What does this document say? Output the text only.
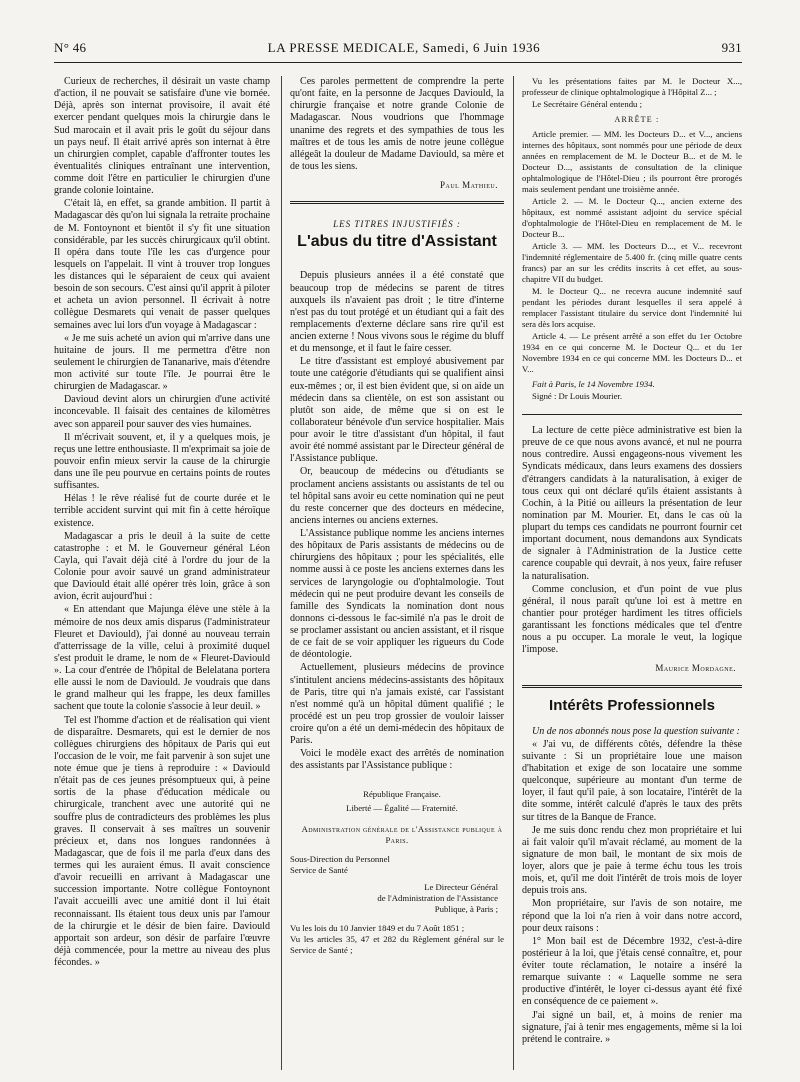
N° 46	LA PRESSE MEDICALE, Samedi, 6 Juin 1936	931

Curieux de recherches, il désirait un vaste champ d'action, il ne pouvait se satisfaire d'une vie bornée. Déjà, après son internat provisoire, il avait été exercer pendant quelques mois la chirurgie dans le Sud marocain et il avait pris le goût du séjour dans un pays neuf. Il était arrivé après son internat à être un chirurgien complet, capable d'affronter toutes les éventualités cliniques entraînant une intervention, comme doit l'être en particulier le chirurgien d'une grande colonie lointaine.

C'était là, en effet, sa grande ambition. Il partit à Madagascar dès qu'on lui signala la retraite prochaine de M. Fontoynont et bientôt il s'y fit une situation considérable, par les succès chirurgicaux qu'il obtint. Il opéra dans toute l'île les cas d'urgence pour lesquels on l'appelait. Il vint à trouver trop longues les distances qui le séparaient de ceux qui avaient besoin de son secours. C'est ainsi qu'il apprit à piloter et acheta un avion personnel. Il écrivait à notre collègue Desmarets qui venait de passer quelques semaines avec lui lors d'un voyage à Madagascar :

« Je me suis acheté un avion qui m'arrive dans une huitaine de jours. Il me permettra d'être non seulement le chirurgien de Tananarive, mais d'étendre mon activité sur toute l'île. Je pourrai être le chirurgien de Madagascar. »

Davioud devint alors un chirurgien d'une activité inconcevable. Il faisait des centaines de kilomètres avec son appareil pour sauver des vies humaines.

Il m'écrivait souvent, et, il y a quelques mois, je reçus une lettre enthousiaste. Il m'exprimait sa joie de pouvoir enfin mieux servir la cause de la chirurgie dans une île peu pourvue en certains points de routes suffisantes.

Hélas ! le rêve réalisé fut de courte durée et le terrible accident survint qui mit fin à cette héroïque existence.

Madagascar a pris le deuil à la suite de cette catastrophe : et M. le Gouverneur général Léon Cayla, qui l'avait déjà cité à l'ordre du jour de la Colonie pour avoir sauvé un grand administrateur que Daviould était allé opérer très loin, grâce à son avion, écrit aujourd'hui :

« En attendant que Majunga élève une stèle à la mémoire de nos deux amis disparus (l'administrateur Fleuret et Daviould), j'ai donné au nouveau terrain d'atterrissage de la ville, celui à proximité duquel s'est produit le drame, le nom de « Fleuret-Daviould ». La cour d'entrée de l'hôpital de Belelatana portera elle aussi le nom de Daviould. Je voudrais que dans le grand malheur qui les frappe, les deux familles sachent que toute la colonie s'associe à leur deuil. »

Tel est l'homme d'action et de réalisation qui vient de disparaître. Desmarets, qui est le dernier de nos collègues chirurgiens des hôpitaux de Paris qui eut l'occasion de le voir, me fait parvenir à son sujet une note émue que je tiens à reproduire : « Daviould n'était pas de ces jeunes présomptueux qui, à peine sortis de la phase d'éducation médicale ou chirurgicale, tranchent avec une autorité qui ne souffre plus de contradicteurs des problèmes les plus graves. Il conservait à ses maîtres un souvenir précieux et, dans nos longues randonnées à Madagascar, que de fois il me parla d'eux dans des termes qui les auraient émus. Il avait conscience d'avoir recueilli en arrivant à Madagascar une succession importante. Notre collègue Fontoynont l'avait accueilli avec une amitié dont il lui était reconnaissant. Ils étaient tous deux unis par l'amour de la chirurgie et le désir de bien faire. Daviould apportait son ardeur, son désir de parfaire l'œuvre déjà commencée, pour la mettre au niveau des plus fécondes. »

Ces paroles permettent de comprendre la perte qu'ont faite, en la personne de Jacques Daviould, la chirurgie française et notre grande Colonie de Madagascar. Nous voudrions que l'hommage unanime des regrets et des sympathies de tous les maîtres et de tous les amis de notre jeune collègue allégeât la douleur de Madame Daviould, sa mère et de tous les siens.

Paul Mathieu.
LES TITRES INJUSTIFIÉS :
L'abus du titre d'Assistant

Depuis plusieurs années il a été constaté que beaucoup trop de médecins se parent de titres auxquels ils n'avaient pas droit ; le titre d'interne n'est pas du tout protégé et un étudiant qui a fait des remplacements d'externe déclare sans rire qu'il est ancien externe ! Nous vivons sous le régime du bluff et du mensonge, et il faut le faire cesser.

Le titre d'assistant est employé abusivement par toute une catégorie d'étudiants qui se qualifient ainsi eux-mêmes ; or, il est bien évident que, si on aide un médecin dans sa clientèle, on est son assistant ou plutôt son aide, de même que si on est le collaborateur bénévole d'un service hospitalier. Mais pour avoir le titre d'assistant d'un hôpital, il faut avoir été nommé assistant par le Directeur général de l'Assistance publique.

Or, beaucoup de médecins ou d'étudiants se proclament anciens assistants ou assistants de tel ou tel hôpital sans avoir eu cette nomination qui ne peut du reste concerner que des docteurs en médecine, anciens internes ou anciens externes.

L'Assistance publique nomme les anciens internes des hôpitaux de Paris assistants de médecins ou de chirurgiens des hôpitaux ; pour les spécialités, elle nomme aussi à ce poste les anciens externes dans les services de laryngologie ou d'ophtalmologie. Tout médecin qui ne peut produire devant les conseils de famille des Syndicats la nomination dont nous donnons ci-dessous le fac-similé n'a pas le droit de se proclamer assistant ou ancien assistant, et il risque de ce fait de se voir appliquer les rigueurs du Code de déontologie.

Actuellement, plusieurs médecins de province s'intitulent anciens médecins-assistants des hôpitaux de Paris, titre qui n'a jamais existé, car l'assistant n'est nommé qu'à un hôpital dûment qualifié ; le procédé est un peu trop grossier de vouloir laisser croire qu'on a été un demi-médecin des hôpitaux de Paris.

Voici le modèle exact des arrêtés de nomination des assistants par l'Assistance publique :

République Française.

Liberté — Égalité — Fraternité.

Administration générale de l'Assistance publique à Paris.

Sous-Direction du Personnel
Service de Santé

Le Directeur Général
de l'Administration de l'Assistance
Publique, à Paris ;

Vu les lois du 10 Janvier 1849 et du 7 Août 1851 ;
Vu les articles 35, 47 et 282 du Règlement général sur le Service de Santé ;

Vu les présentations faites par M. le Docteur X..., professeur de clinique ophtalmologique à l'Hôpital Z... ;

Le Secrétaire Général entendu ;

ARRÊTE :

Article premier. — MM. les Docteurs D... et V..., anciens internes des hôpitaux, sont nommés pour une période de deux années en remplacement de M. le Docteur B... et de M. le Docteur D..., assistants de consultation de la clinique ophtalmologique de l'Hôtel-Dieu ; ils pourront être prorogés mais seulement pendant une troisième année.

Article 2. — M. le Docteur Q..., ancien externe des hôpitaux, est nommé assistant adjoint du service spécial d'ophtalmologie de l'Hôtel-Dieu en remplacement de M. le Docteur B...

Article 3. — MM. les Docteurs D..., et V... recevront l'indemnité réglementaire de 5.400 fr. (cinq mille quatre cents francs) par an sur les crédits inscrits à cet effet, au sous-chapitre VII du budget.

M. le Docteur Q... ne recevra aucune indemnité sauf pendant les périodes durant lesquelles il sera appelé à remplacer l'assistant titulaire du service dont l'indemnité lui sera dès lors acquise.

Article 4. — Le présent arrêté a son effet du 1er Octobre 1934 en ce qui concerne M. le Docteur Q... et du 1er Novembre 1934 en ce qui concerne MM. les Docteurs D... et V...

Fait à Paris, le 14 Novembre 1934.

Signé : Dr Louis Mourier.

La lecture de cette pièce administrative est bien la preuve de ce que nous avons avancé, et nul ne pourra nous contredire. Aussi engageons-nous vivement les Syndicats médicaux, dans leurs examens des dossiers d'étrangers candidats à la naturalisation, à exiger de tous ceux qui ont déclaré qu'ils étaient assistants à Cochin, à la Pitié ou ailleurs la présentation de leur nomination par M. Mourier. Et, dans le cas où la plupart du temps ces candidats ne pourront fournir cet important document, nous demandons aux Syndicats de signaler à l'Administration de la Justice cette carence coupable qui devrait, à nos yeux, faire refuser la naturalisation.

Comme conclusion, et d'un point de vue plus général, il nous paraît qu'une loi est à mettre en chantier pour protéger hardiment les titres officiels garantissant les fonctions médicales que tel d'entre nous a pu occuper. La morale le veut, la logique l'impose.

Maurice Mordagne.
Intérêts Professionnels

Un de nos abonnés nous pose la question suivante :

« J'ai vu, de différents côtés, défendre la thèse suivante : Si un propriétaire loue une maison d'habitation et exige de son locataire une somme quelconque, supérieure au montant d'un terme de loyer, il faut qu'il paie, à son locataire, l'intérêt de la dite somme, intérêt calculé d'après le taux des prêts sur titres de la Banque de France.

Je me suis donc rendu chez mon propriétaire et lui ai fait valoir qu'il m'avait réclamé, au moment de la signature de mon bail, le montant de six mois de loyer, alors que je paie à terme échu tous les trois mois, et, qu'il me doit l'intérêt de trois mois de loyer depuis trois ans.

Mon propriétaire, sur l'avis de son notaire, me répond que la loi n'a rien à voir dans notre accord, pour deux raisons :

1° Mon bail est de Décembre 1932, c'est-à-dire postérieur à la loi, que j'étais censé connaître, et, pour éviter toute réclamation, le notaire a inséré la remarque suivante : « Laquelle somme ne sera productive d'intérêt, le loyer ci-dessus ayant été fixé en conséquence de ce paiement ».

J'ai signé un bail, et, à moins de renier ma signature, j'ai à tenir mes engagements, même si la loi prétend le contraire. »
